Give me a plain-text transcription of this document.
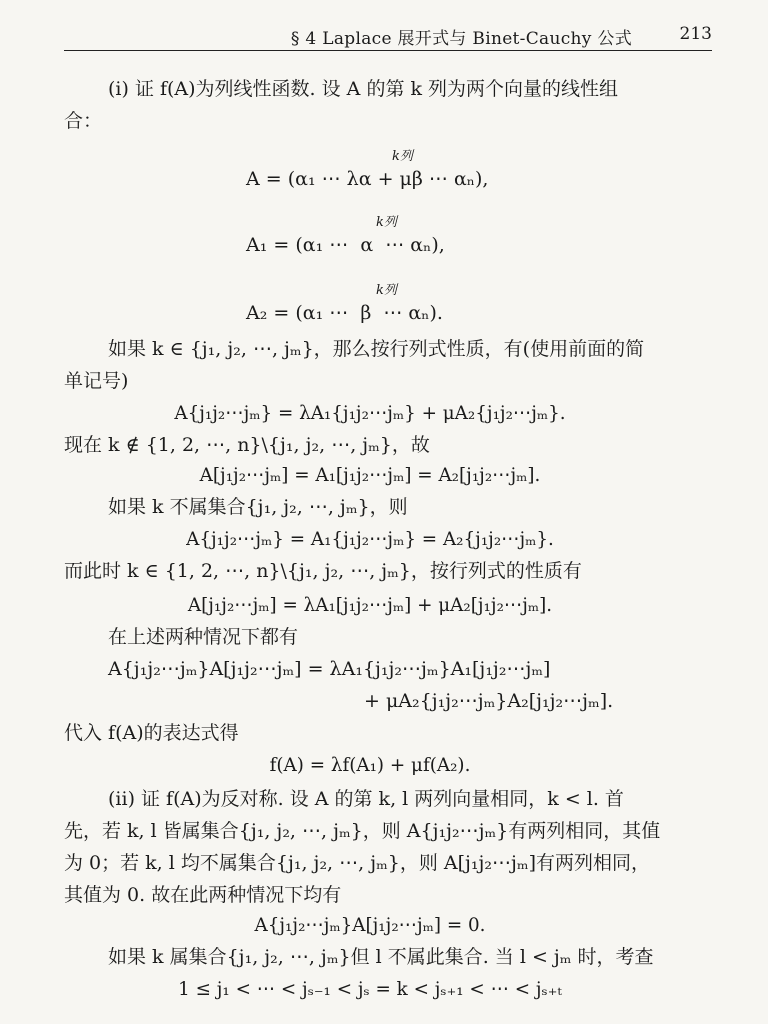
§ 4 Laplace 展开式与 Binet-Cauchy 公式	213
(i) 证 f(A)为列线性函数. 设 A 的第 k 列为两个向量的线性组
合：
k列
A = (α₁ ⋯ λα + μβ ⋯ αₙ),
k列
A₁ = (α₁ ⋯  α  ⋯ αₙ),
k列
A₂ = (α₁ ⋯  β  ⋯ αₙ).
如果 k ∈ {j₁, j₂, ⋯, jₘ}，那么按行列式性质，有(使用前面的简
单记号)
A{j₁j₂⋯jₘ} = λA₁{j₁j₂⋯jₘ} + μA₂{j₁j₂⋯jₘ}.
现在 k ∉ {1, 2, ⋯, n}\{j₁, j₂, ⋯, jₘ}，故
A[j₁j₂⋯jₘ] = A₁[j₁j₂⋯jₘ] = A₂[j₁j₂⋯jₘ].
如果 k 不属集合{j₁, j₂, ⋯, jₘ}，则
A{j₁j₂⋯jₘ} = A₁{j₁j₂⋯jₘ} = A₂{j₁j₂⋯jₘ}.
而此时 k ∈ {1, 2, ⋯, n}\{j₁, j₂, ⋯, jₘ}，按行列式的性质有
A[j₁j₂⋯jₘ] = λA₁[j₁j₂⋯jₘ] + μA₂[j₁j₂⋯jₘ].
在上述两种情况下都有
A{j₁j₂⋯jₘ}A[j₁j₂⋯jₘ] = λA₁{j₁j₂⋯jₘ}A₁[j₁j₂⋯jₘ]
+ μA₂{j₁j₂⋯jₘ}A₂[j₁j₂⋯jₘ].
代入 f(A)的表达式得
f(A) = λf(A₁) + μf(A₂).
(ii) 证 f(A)为反对称. 设 A 的第 k, l 两列向量相同，k < l. 首
先，若 k, l 皆属集合{j₁, j₂, ⋯, jₘ}，则 A{j₁j₂⋯jₘ}有两列相同，其值
为 0；若 k, l 均不属集合{j₁, j₂, ⋯, jₘ}，则 A[j₁j₂⋯jₘ]有两列相同，
其值为 0. 故在此两种情况下均有
A{j₁j₂⋯jₘ}A[j₁j₂⋯jₘ] = 0.
如果 k 属集合{j₁, j₂, ⋯, jₘ}但 l 不属此集合. 当 l < jₘ 时，考查
1 ≤ j₁ < ⋯ < jₛ₋₁ < jₛ = k < jₛ₊₁ < ⋯ < jₛ₊ₜ
